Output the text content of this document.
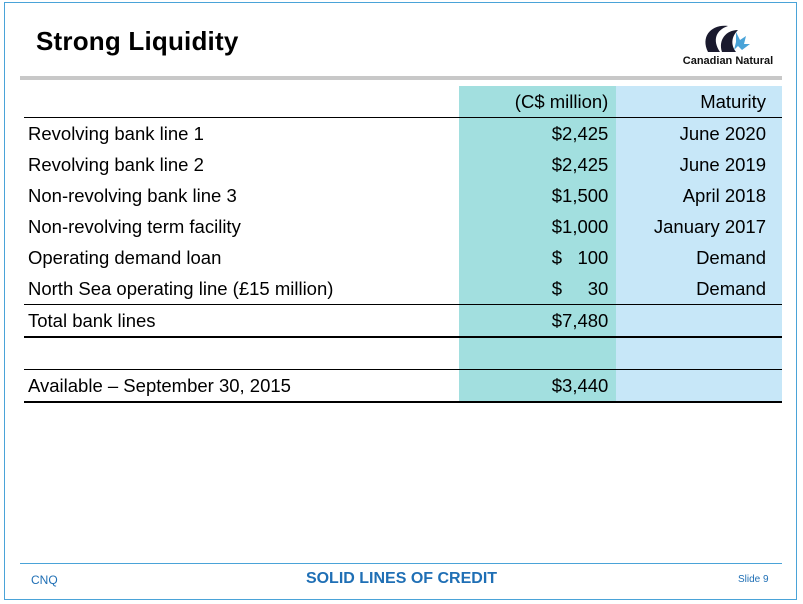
Strong Liquidity
Canadian Natural
	(C$ million)	Maturity
Revolving bank line 1	$2,425	June 2020
Revolving bank line 2	$2,425	June 2019
Non-revolving bank line 3	$1,500	April 2018
Non-revolving term facility	$1,000	January 2017
Operating demand loan	$   100	Demand
North Sea operating line (£15 million)	$     30	Demand
Total bank lines	$7,480	

Available – September 30, 2015	$3,440	
CNQ	SOLID LINES OF CREDIT	Slide 9
